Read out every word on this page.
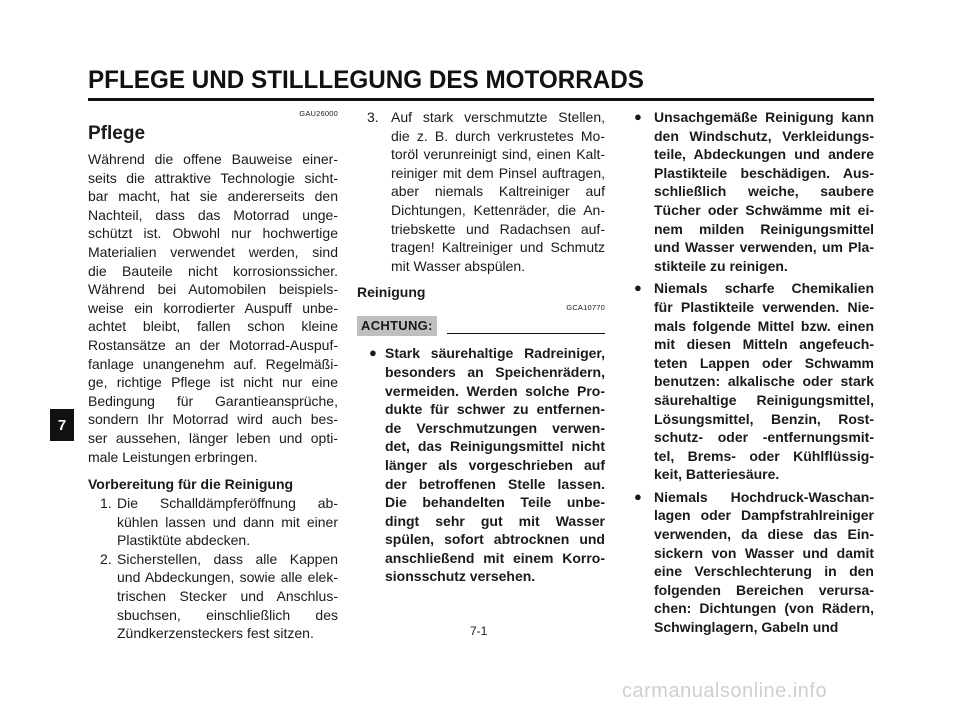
PFLEGE UND STILLLEGUNG DES MOTORRADS
7
GAU26000
Pflege
Während die offene Bauweise einer-
seits die attraktive Technologie sicht-
bar macht, hat sie andererseits den
Nachteil, dass das Motorrad unge-
schützt ist. Obwohl nur hochwertige
Materialien verwendet werden, sind
die Bauteile nicht korrosionssicher.
Während bei Automobilen beispiels-
weise ein korrodierter Auspuff unbe-
achtet bleibt, fallen schon kleine
Rostansätze an der Motorrad-Auspuf-
fanlage unangenehm auf. Regelmäßi-
ge, richtige Pflege ist nicht nur eine
Bedingung für Garantieansprüche,
sondern Ihr Motorrad wird auch bes-
ser aussehen, länger leben und opti-
male Leistungen erbringen.
Vorbereitung für die Reinigung
1. Die Schalldämpferöffnung ab-
kühlen lassen und dann mit einer
Plastiktüte abdecken.
2. Sicherstellen, dass alle Kappen
und Abdeckungen, sowie alle elek-
trischen Stecker und Anschlus-
sbuchsen, einschließlich des
Zündkerzensteckers fest sitzen.
3. Auf stark verschmutzte Stellen,
die z. B. durch verkrustetes Mo-
toröl verunreinigt sind, einen Kalt-
reiniger mit dem Pinsel auftragen,
aber niemals Kaltreiniger auf
Dichtungen, Kettenräder, die An-
triebskette und Radachsen auf-
tragen! Kaltreiniger und Schmutz
mit Wasser abspülen.
Reinigung
GCA10770
ACHTUNG:
● Stark säurehaltige Radreiniger,
besonders an Speichenrädern,
vermeiden. Werden solche Pro-
dukte für schwer zu entfernen-
de Verschmutzungen verwen-
det, das Reinigungsmittel nicht
länger als vorgeschrieben auf
der betroffenen Stelle lassen.
Die behandelten Teile unbe-
dingt sehr gut mit Wasser
spülen, sofort abtrocknen und
anschließend mit einem Korro-
sionsschutz versehen.
● Unsachgemäße Reinigung kann
den Windschutz, Verkleidungs-
teile, Abdeckungen und andere
Plastikteile beschädigen. Aus-
schließlich weiche, saubere
Tücher oder Schwämme mit ei-
nem milden Reinigungsmittel
und Wasser verwenden, um Pla-
stikteile zu reinigen.
● Niemals scharfe Chemikalien
für Plastikteile verwenden. Nie-
mals folgende Mittel bzw. einen
mit diesen Mitteln angefeuch-
teten Lappen oder Schwamm
benutzen: alkalische oder stark
säurehaltige Reinigungsmittel,
Lösungsmittel, Benzin, Rost-
schutz- oder -entfernungsmit-
tel, Brems- oder Kühlflüssig-
keit, Batteriesäure.
● Niemals Hochdruck-Waschan-
lagen oder Dampfstrahlreiniger
verwenden, da diese das Ein-
sickern von Wasser und damit
eine Verschlechterung in den
folgenden Bereichen verursa-
chen: Dichtungen (von Rädern,
Schwinglagern, Gabeln und
7-1
carmanualsonline.info
